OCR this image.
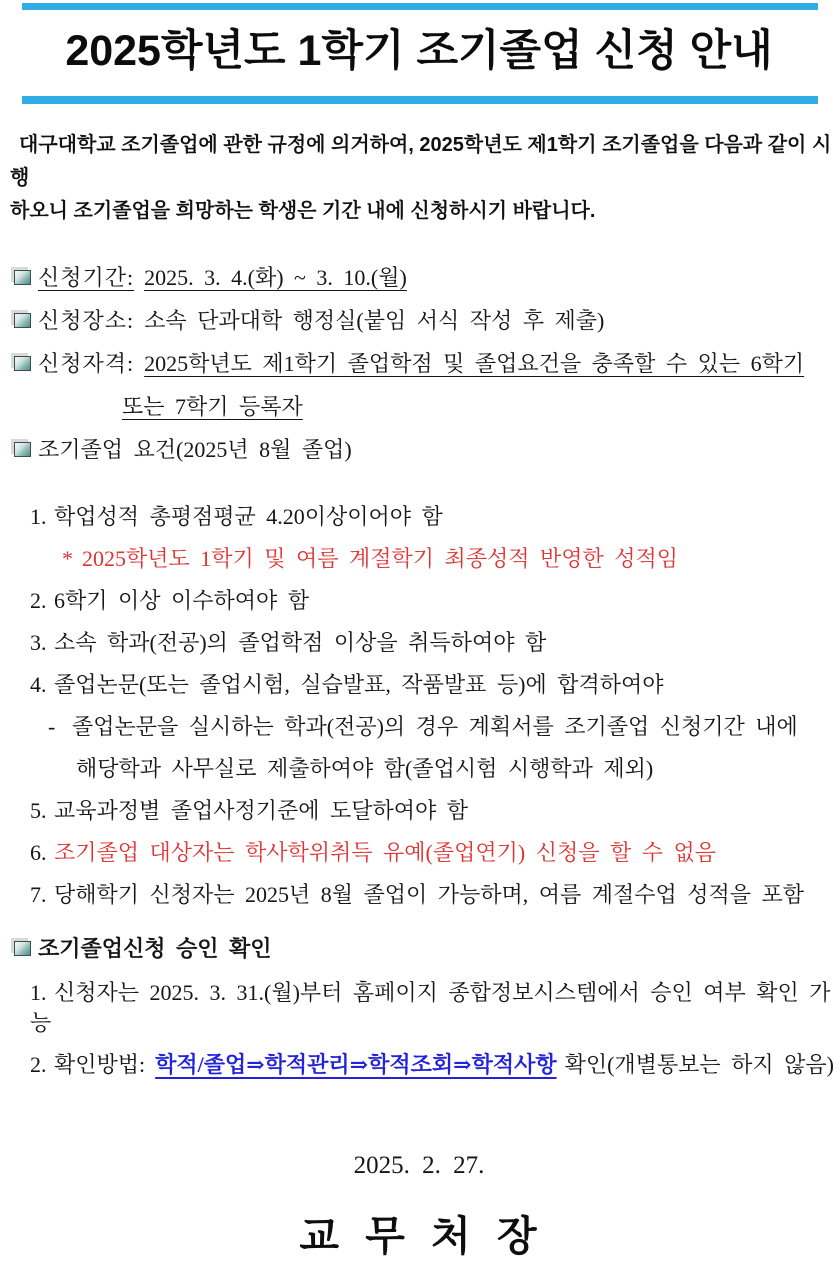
2025학년도 1학기 조기졸업 신청 안내

대구대학교 조기졸업에 관한 규정에 의거하여, 2025학년도 제1학기 조기졸업을 다음과 같이 시행

하오니 조기졸업을 희망하는 학생은 기간 내에 신청하시기 바랍니다.

신청기간: 2025. 3. 4.(화) ~ 3. 10.(월)
신청장소: 소속 단과대학 행정실(붙임 서식 작성 후 제출)
신청자격: 2025학년도 제1학기 졸업학점 및 졸업요건을 충족할 수 있는 6학기
또는 7학기 등록자
조기졸업 요건(2025년 8월 졸업)
1. 학업성적 총평점평균 4.20이상이어야 함
* 2025학년도 1학기 및 여름 계절학기 최종성적 반영한 성적임
2. 6학기 이상 이수하여야 함
3. 소속 학과(전공)의 졸업학점 이상을 취득하여야 함
4. 졸업논문(또는 졸업시험, 실습발표, 작품발표 등)에 합격하여야
- 졸업논문을 실시하는 학과(전공)의 경우 계획서를 조기졸업 신청기간 내에
해당학과 사무실로 제출하여야 함(졸업시험 시행학과 제외)
5. 교육과정별 졸업사정기준에 도달하여야 함
6. 조기졸업 대상자는 학사학위취득 유예(졸업연기) 신청을 할 수 없음
7. 당해학기 신청자는 2025년 8월 졸업이 가능하며, 여름 계절수업 성적을 포함
조기졸업신청 승인 확인
1. 신청자는 2025. 3. 31.(월)부터 홈페이지 종합정보시스템에서 승인 여부 확인 가능
2. 확인방법: 학적/졸업⇒학적관리⇒학적조회⇒학적사항 확인(개별통보는 하지 않음)
2025. 2. 27.
교 무 처 장
